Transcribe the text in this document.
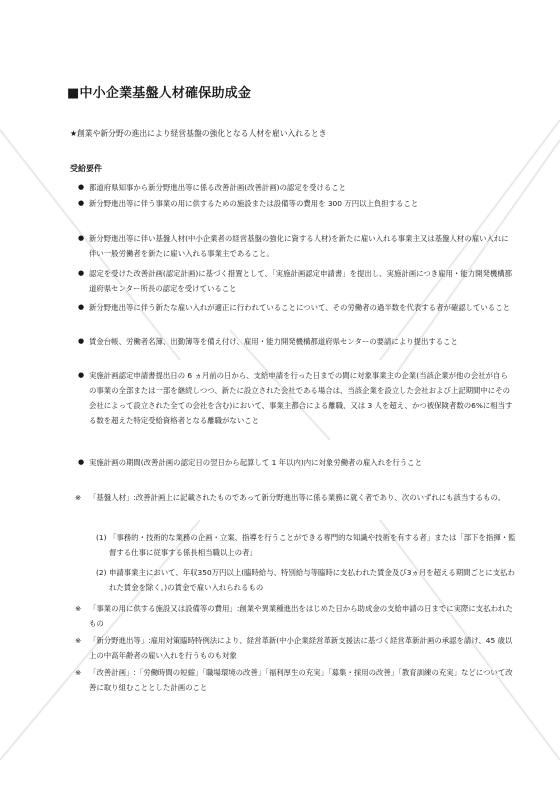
■中小企業基盤人材確保助成金
★創業や新分野の進出により経営基盤の強化となる人材を雇い入れるとき
受給要件
● 都道府県知事から新分野進出等に係る改善計画(改善計画)の認定を受けること
● 新分野進出等に伴う事業の用に供するための施設または設備等の費用を 300 万円以上負担すること
● 新分野進出等に伴い基盤人材(中小企業者の経営基盤の強化に資する人材)を新たに雇い入れる事業主又は基盤人材の雇い入れに伴い一般労働者を新たに雇い入れる事業主であること。
● 認定を受けた改善計画(認定計画)に基づく措置として、「実施計画認定申請書」を提出し、実施計画につき雇用・能力開発機構都道府県センター所長の認定を受けていること
● 新分野進出等に伴う新たな雇い入れが適正に行われていることについて、その労働者の過半数を代表する者が確認していること
● 賃金台帳、労働者名簿、出勤簿等を備え付け、雇用・能力開発機構都道府県センターの要請により提出すること
● 実施計画認定申請書提出日の 6 ヵ月前の日から、支給申請を行った日までの間に対象事業主の企業(当該企業が他の会社が自らの事業の全部または一部を継続しつつ、新たに設立された会社である場合は、当該企業を設立した会社および上記期間中にその会社によって設立された全ての会社を含む)において、事業主都合による離職、又は 3 人を超え、かつ被保険者数の6%に相当する数を超えた特定受給資格者となる離職がないこと
● 実施計画の期間(改善計画の認定日の翌日から起算して 1 年以内)内に対象労働者の雇入れを行うこと
※ 「基盤人材」:改善計画上に記載されたものであって新分野進出等に係る業務に就く者であり、次のいずれにも該当するもの。
(1) 「事務的・技術的な業務の企画・立案、指導を行うことができる専門的な知識や技術を有する者」または「部下を指揮・監督する仕事に従事する係長相当職以上の者」
(2) 申請事業主において、年収350万円以上(臨時給与、特別給与等臨時に支払われた賃金及び3ヵ月を超える期間ごとに支払われた賃金を除く。)の賃金で雇い入れられるもの
※ 「事業の用に供する施設又は設備等の費用」:創業や異業種進出をはじめた日から助成金の支給申請の日までに実際に支払われたもの
※ 「新分野進出等」:雇用対策臨時特例法により、経営革新(中小企業経営革新支援法に基づく経営革新計画の承認を請け、45 歳以上の中高年齢者の雇い入れを行うものも対象
※ 「改善計画」:「労働時間の短縮」「職場環境の改善」「福利厚生の充実」「募集・採用の改善」「教育訓練の充実」などについて改善に取り組むこととした計画のこと
